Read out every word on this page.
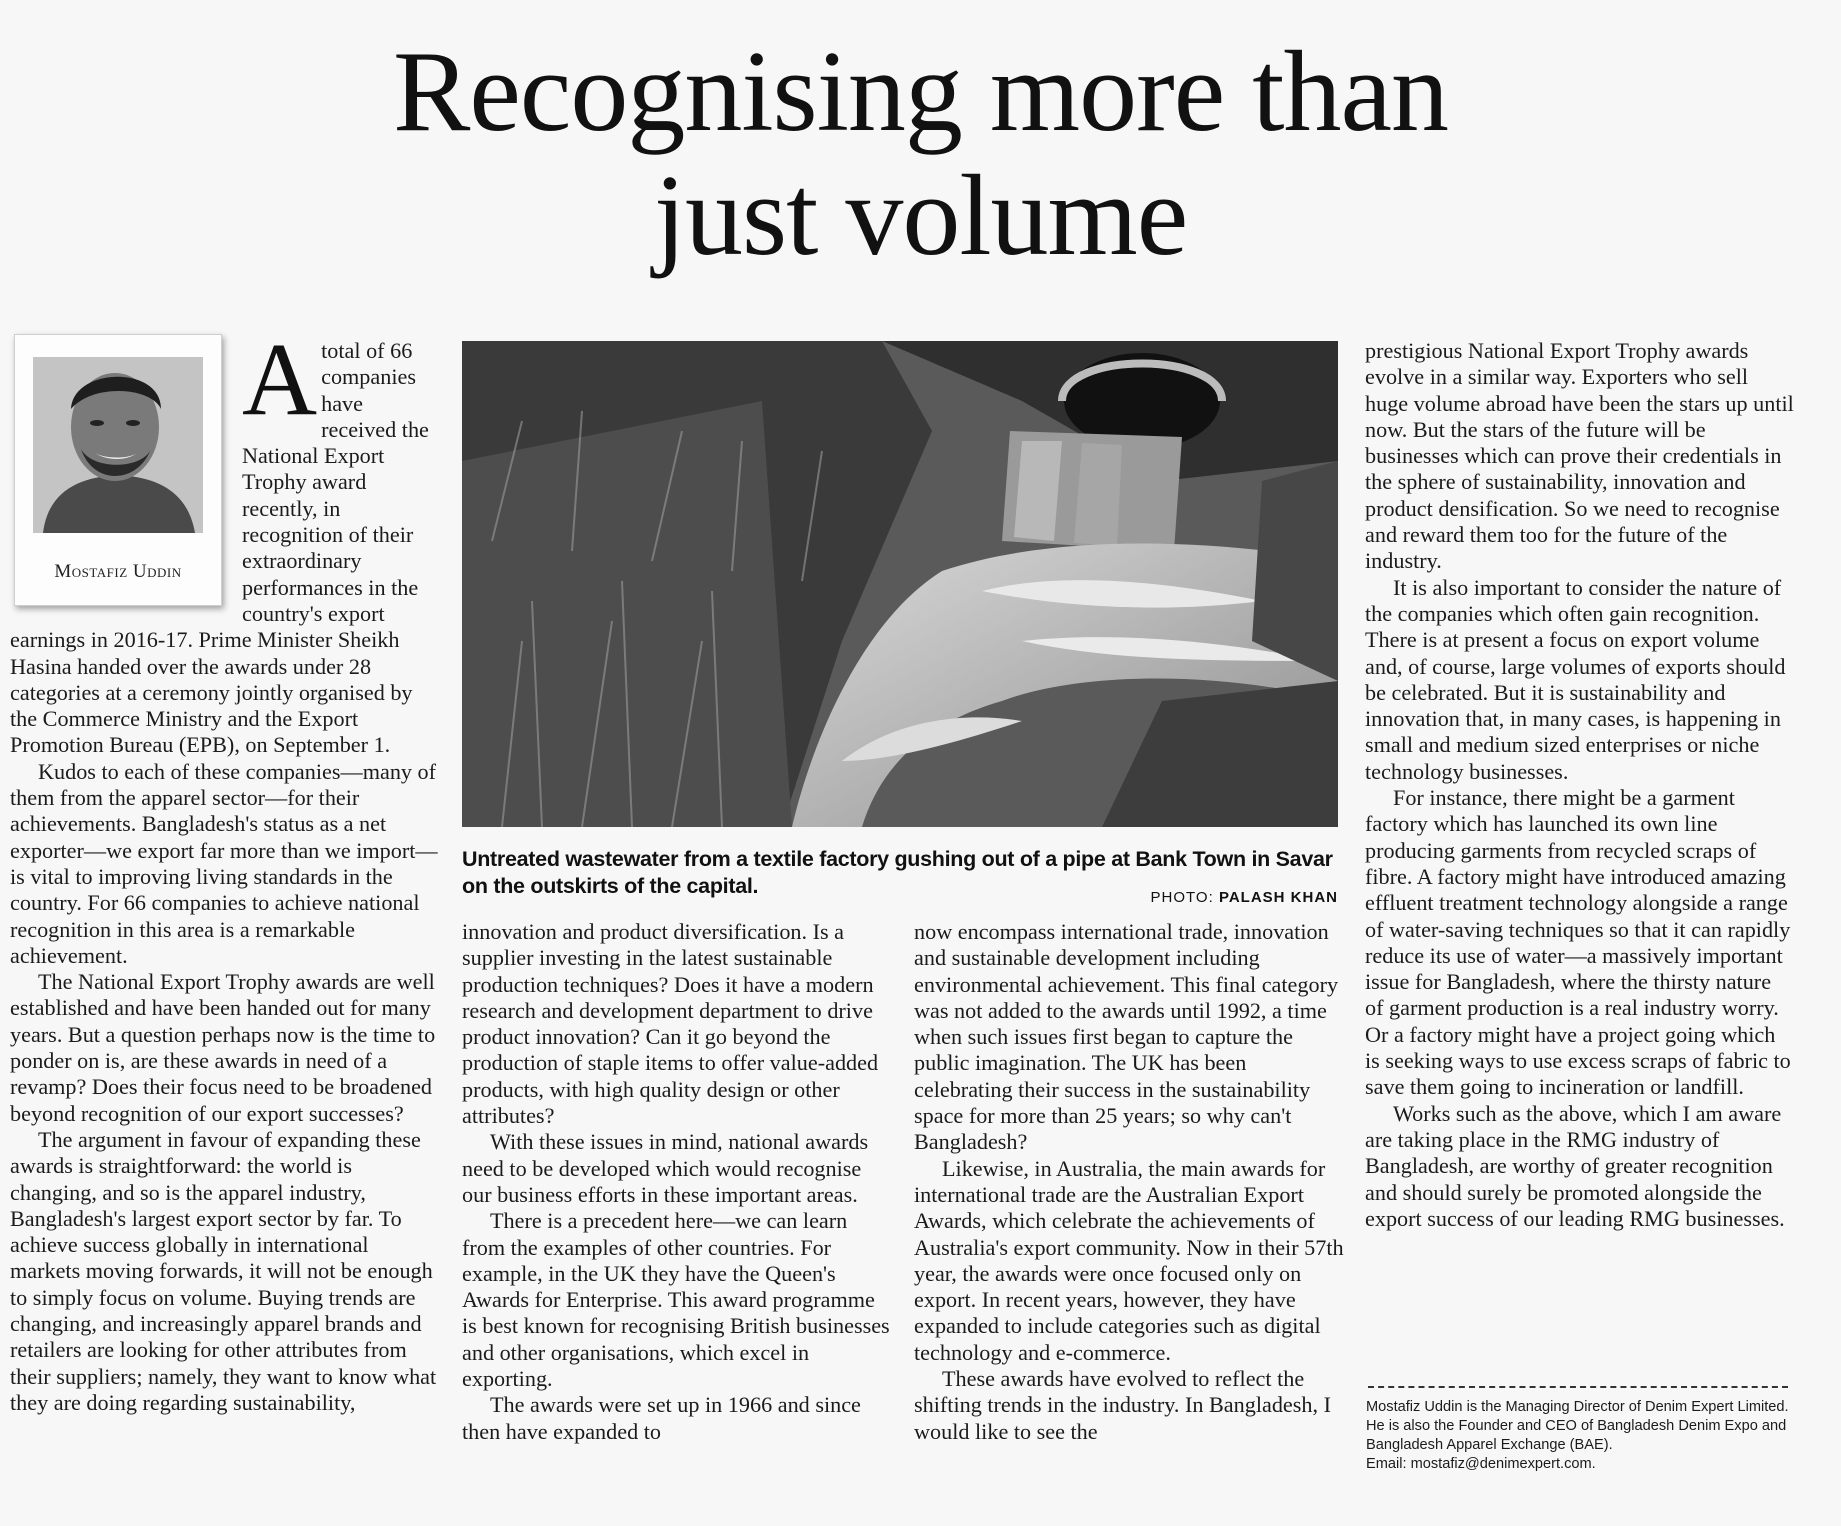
Recognising more than
just volume
Mostafiz Uddin

Atotal of 66 companies have received the National Export Trophy award recently, in recognition of their extraordinary performances in the country's export earnings in 2016-17. Prime Minister Sheikh Hasina handed over the awards under 28 categories at a ceremony jointly organised by the Commerce Ministry and the Export Promotion Bureau (EPB), on September 1.

Kudos to each of these companies—many of them from the apparel sector—for their achievements. Bangladesh's status as a net exporter—we export far more than we import—is vital to improving living standards in the country. For 66 companies to achieve national recognition in this area is a remarkable achievement.

The National Export Trophy awards are well established and have been handed out for many years. But a question perhaps now is the time to ponder on is, are these awards in need of a revamp? Does their focus need to be broadened beyond recognition of our export successes?

The argument in favour of expanding these awards is straightforward: the world is changing, and so is the apparel industry, Bangladesh's largest export sector by far. To achieve success globally in international markets moving forwards, it will not be enough to simply focus on volume. Buying trends are changing, and increasingly apparel brands and retailers are looking for other attributes from their suppliers; namely, they want to know what they are doing regarding sustainability,

Untreated wastewater from a textile factory gushing out of a pipe at Bank Town in Savar on the outskirts of the capital.	PHOTO: PALASH KHAN

innovation and product diversification. Is a supplier investing in the latest sustainable production techniques? Does it have a modern research and development department to drive product innovation? Can it go beyond the production of staple items to offer value-added products, with high quality design or other attributes?

With these issues in mind, national awards need to be developed which would recognise our business efforts in these important areas.

There is a precedent here—we can learn from the examples of other countries. For example, in the UK they have the Queen's Awards for Enterprise. This award programme is best known for recognising British businesses and other organisations, which excel in exporting.

The awards were set up in 1966 and since then have expanded to

now encompass international trade, innovation and sustainable development including environmental achievement. This final category was not added to the awards until 1992, a time when such issues first began to capture the public imagination. The UK has been celebrating their success in the sustainability space for more than 25 years; so why can't Bangladesh?

Likewise, in Australia, the main awards for international trade are the Australian Export Awards, which celebrate the achievements of Australia's export community. Now in their 57th year, the awards were once focused only on export. In recent years, however, they have expanded to include categories such as digital technology and e-commerce.

These awards have evolved to reflect the shifting trends in the industry. In Bangladesh, I would like to see the

prestigious National Export Trophy awards evolve in a similar way. Exporters who sell huge volume abroad have been the stars up until now. But the stars of the future will be businesses which can prove their credentials in the sphere of sustainability, innovation and product densification. So we need to recognise and reward them too for the future of the industry.

It is also important to consider the nature of the companies which often gain recognition. There is at present a focus on export volume and, of course, large volumes of exports should be celebrated. But it is sustainability and innovation that, in many cases, is happening in small and medium sized enterprises or niche technology businesses.

For instance, there might be a garment factory which has launched its own line producing garments from recycled scraps of fibre. A factory might have introduced amazing effluent treatment technology alongside a range of water-saving techniques so that it can rapidly reduce its use of water—a massively important issue for Bangladesh, where the thirsty nature of garment production is a real industry worry. Or a factory might have a project going which is seeking ways to use excess scraps of fabric to save them going to incineration or landfill.

Works such as the above, which I am aware are taking place in the RMG industry of Bangladesh, are worthy of greater recognition and should surely be promoted alongside the export success of our leading RMG businesses.

Mostafiz Uddin is the Managing Director of Denim Expert Limited. He is also the Founder and CEO of Bangladesh Denim Expo and Bangladesh Apparel Exchange (BAE).
Email: mostafiz@denimexpert.com.
